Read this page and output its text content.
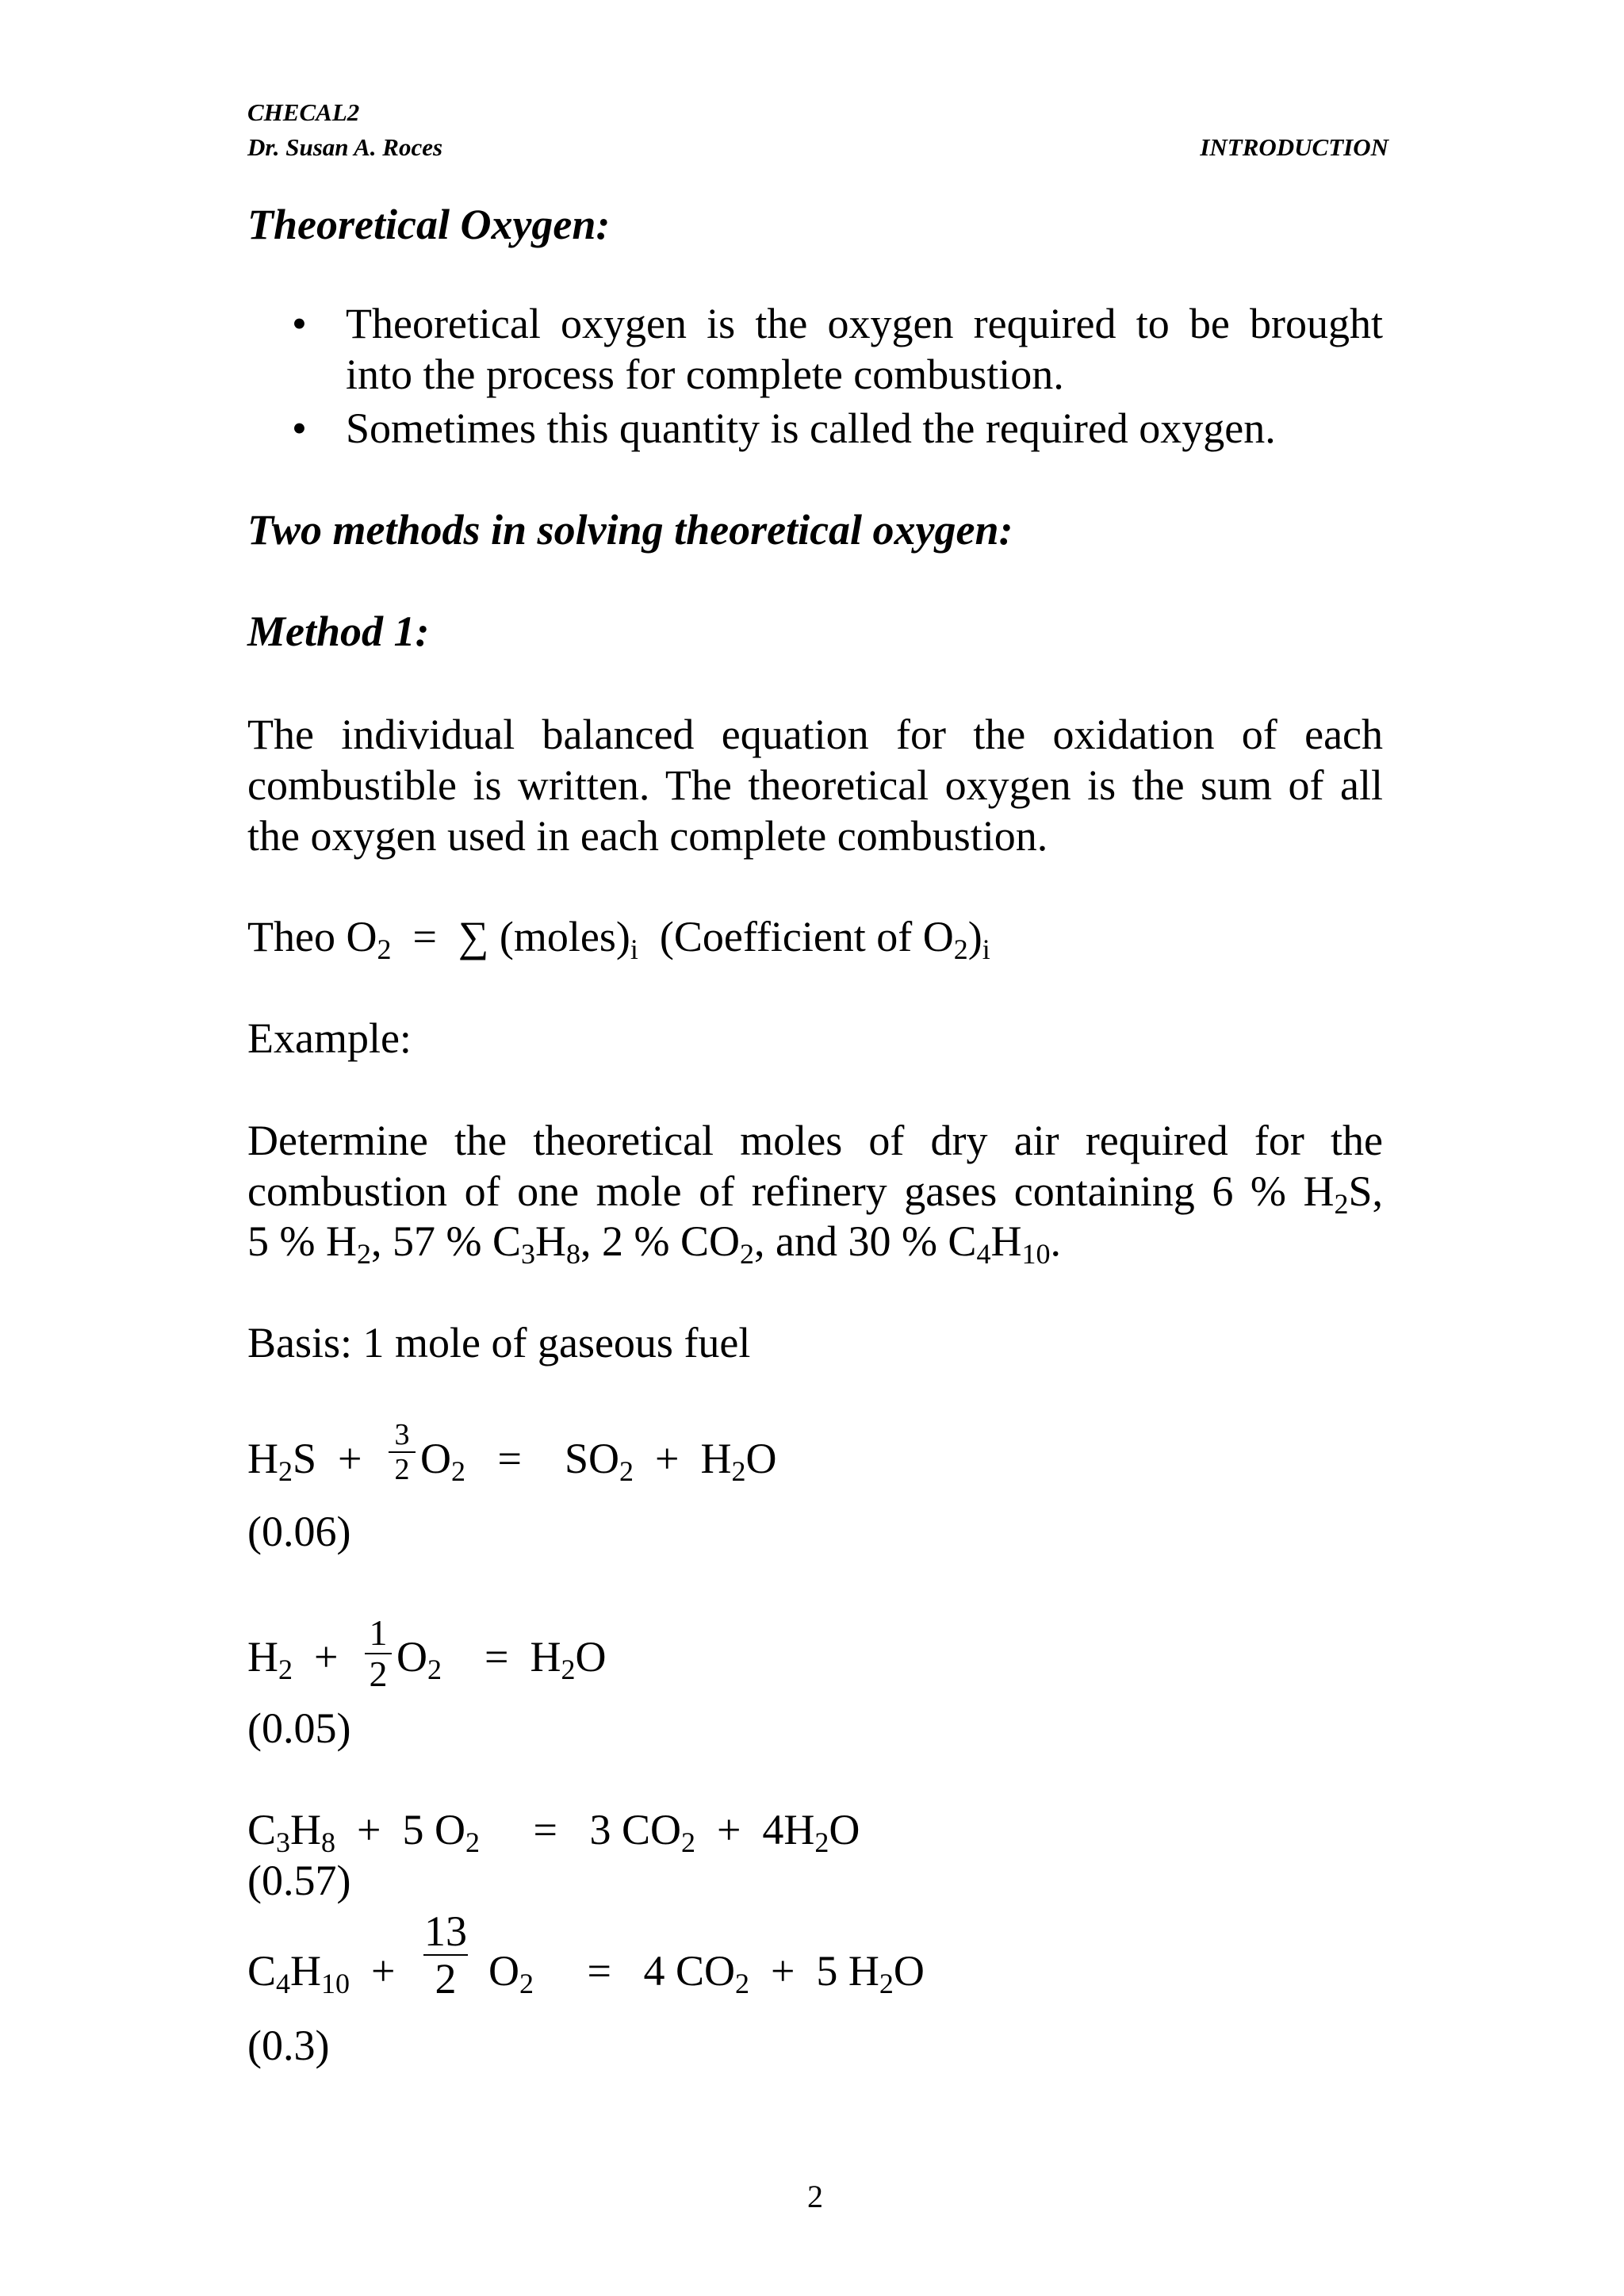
CHECAL2
Dr. Susan A. Roces	INTRODUCTION
Theoretical Oxygen:
• Theoretical oxygen is the oxygen required to be brought into the process for complete combustion.
• Sometimes this quantity is called the required oxygen.
Two methods in solving theoretical oxygen:
Method 1:
The individual balanced equation for the oxidation of each combustible is written. The theoretical oxygen is the sum of all the oxygen used in each complete combustion.
Theo $O_2$ = ∑ $(moles)_i$ (Coefficient of $O_2)_i$
Example:
Determine the theoretical moles of dry air required for the
combustion of one mole of refinery gases containing 6 % $H_2S$,
5 % $H_2$, 57 % $C_3H_8$, 2 % $CO_2$, and 30 % $C_4H_{10}$.
Basis: 1 mole of gaseous fuel
$H_2S + 3$
2 $O_2$   =    $SO_2 + H_2O$
(0.06)
$H_2$  +
1
2 $O_2$    =  $H_2O$
(0.05)
$C_3H_8 + 5$ $O_2$     =   3 $CO_2 + 4H_2O$
(0.57)
$C_4H_{10}$  +
13
2 $O_2$     =   4 $CO_2 + 5$ $H_2O$
(0.3)
2
